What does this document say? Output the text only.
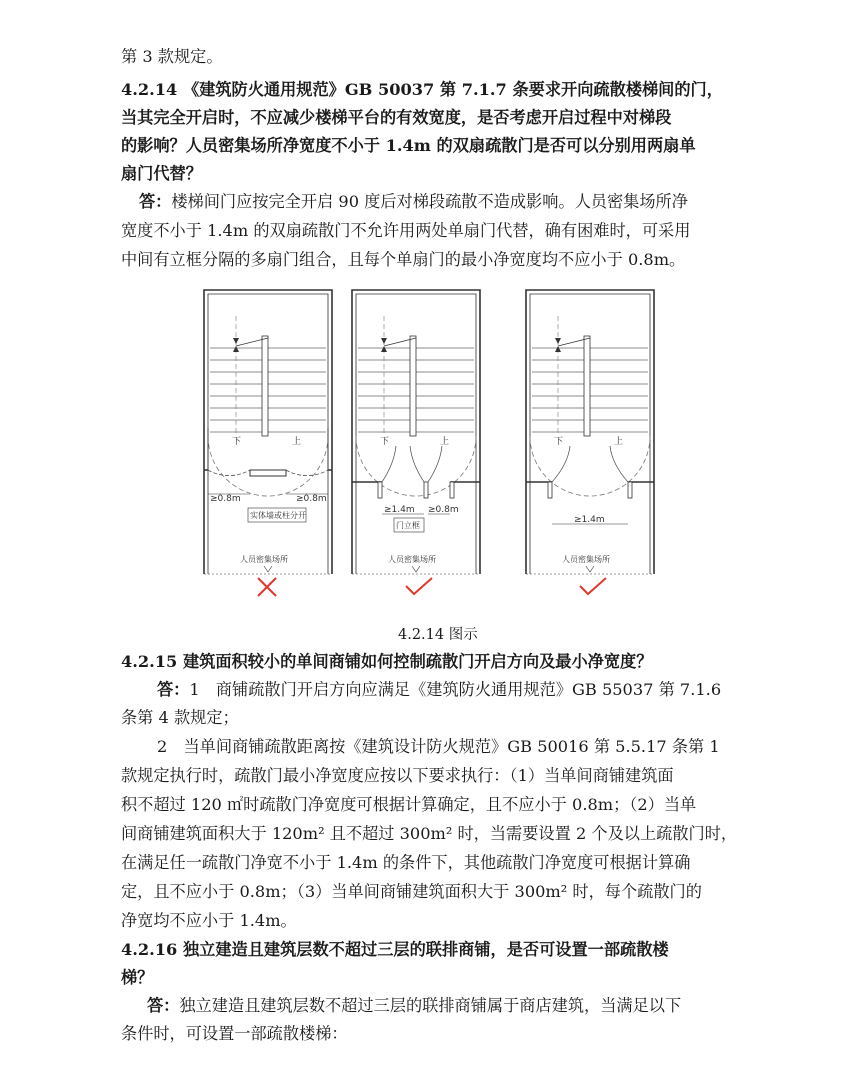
第 3 款规定。
4.2.14 《建筑防火通用规范》GB 50037 第 7.1.7 条要求开向疏散楼梯间的门，
当其完全开启时，不应减少楼梯平台的有效宽度，是否考虑开启过程中对梯段
的影响？人员密集场所净宽度不小于 1.4m 的双扇疏散门是否可以分别用两扇单
扇门代替？
答：楼梯间门应按完全开启 90 度后对梯段疏散不造成影响。人员密集场所净
宽度不小于 1.4m 的双扇疏散门不允许用两处单扇门代替，确有困难时，可采用
中间有立框分隔的多扇门组合，且每个单扇门的最小净宽度均不应小于 0.8m。
下	上
≥0.8m	≥0.8m
实体墙或柱分开
人员密集场所
下	上
≥1.4m ≥0.8m
门立框
人员密集场所
下	上
≥1.4m
人员密集场所
4.2.14 图示
4.2.15 建筑面积较小的单间商铺如何控制疏散门开启方向及最小净宽度？
答：1　商铺疏散门开启方向应满足《建筑防火通用规范》GB 55037 第 7.1.6
条第 4 款规定；
2　当单间商铺疏散距离按《建筑设计防火规范》GB 50016 第 5.5.17 条第 1
款规定执行时，疏散门最小净宽度应按以下要求执行：（1）当单间商铺建筑面
积不超过 120 ㎡时疏散门净宽度可根据计算确定，且不应小于 0.8m；（2）当单
间商铺建筑面积大于 120m² 且不超过 300m² 时，当需要设置 2 个及以上疏散门时，
在满足任一疏散门净宽不小于 1.4m 的条件下，其他疏散门净宽度可根据计算确
定，且不应小于 0.8m；（3）当单间商铺建筑面积大于 300m² 时，每个疏散门的
净宽均不应小于 1.4m。
4.2.16 独立建造且建筑层数不超过三层的联排商铺，是否可设置一部疏散楼
梯？
答：独立建造且建筑层数不超过三层的联排商铺属于商店建筑，当满足以下
条件时，可设置一部疏散楼梯：
